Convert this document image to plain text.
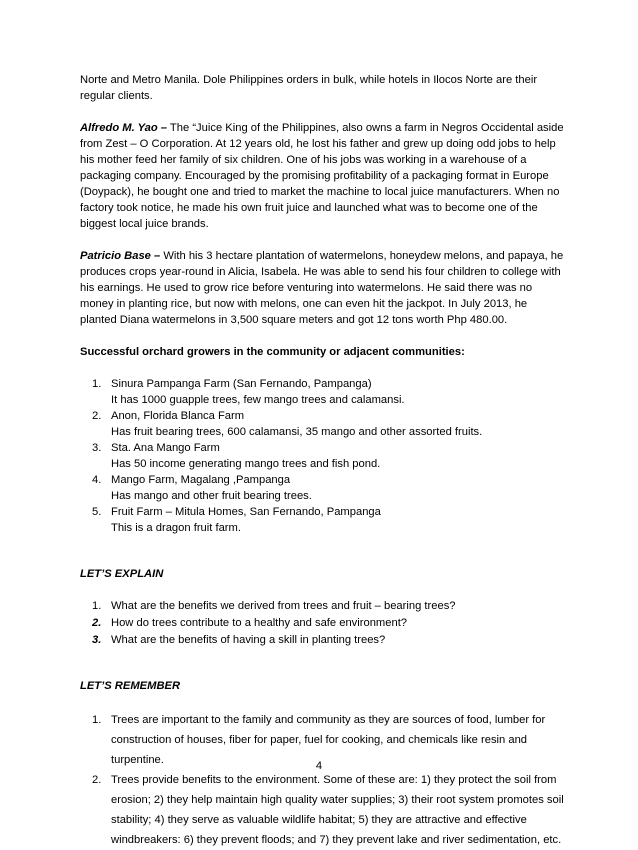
Norte and Metro Manila. Dole Philippines orders in bulk, while hotels in Ilocos Norte are their regular clients.

Alfredo M. Yao – The “Juice King of the Philippines, also owns a farm in Negros Occidental aside from Zest – O Corporation. At 12 years old, he lost his father and grew up doing odd jobs to help his mother feed her family of six children. One of his jobs was working in a warehouse of a packaging company. Encouraged by the promising profitability of a packaging format in Europe (Doypack), he bought one and tried to market the machine to local juice manufacturers. When no factory took notice, he made his own fruit juice and launched what was to become one of the biggest local juice brands.

Patricio Base – With his 3 hectare plantation of watermelons, honeydew melons, and papaya, he produces crops year-round in Alicia, Isabela. He was able to send his four children to college with his earnings. He used to grow rice before venturing into watermelons. He said there was no money in planting rice, but now with melons, one can even hit the jackpot. In July 2013, he planted Diana watermelons in 3,500 square meters and got 12 tons worth Php 480.00.

Successful orchard growers in the community or adjacent communities:

1. Sinura Pampanga Farm (San Fernando, Pampanga)
It has 1000 guapple trees, few mango trees and calamansi.
2. Anon, Florida Blanca Farm
Has fruit bearing trees, 600 calamansi, 35 mango and other assorted fruits.
3. Sta. Ana Mango Farm
Has 50 income generating mango trees and fish pond.
4. Mango Farm, Magalang ,Pampanga
Has mango and other fruit bearing trees.
5. Fruit Farm – Mitula Homes, San Fernando, Pampanga
This is a dragon fruit farm.
LET’S EXPLAIN
1. What are the benefits we derived from trees and fruit – bearing trees?
2. How do trees contribute to a healthy and safe environment?
3. What are the benefits of having a skill in planting trees?
LET’S REMEMBER
1. Trees are important to the family and community as they are sources of food, lumber for construction of houses, fiber for paper, fuel for cooking, and chemicals like resin and turpentine.
2. Trees provide benefits to the environment. Some of these are: 1) they protect the soil from erosion; 2) they help maintain high quality water supplies; 3) their root system promotes soil stability; 4) they serve as valuable wildlife habitat; 5) they are attractive and effective windbreakers: 6) they prevent floods; and 7) they prevent lake and river sedimentation, etc.
4
